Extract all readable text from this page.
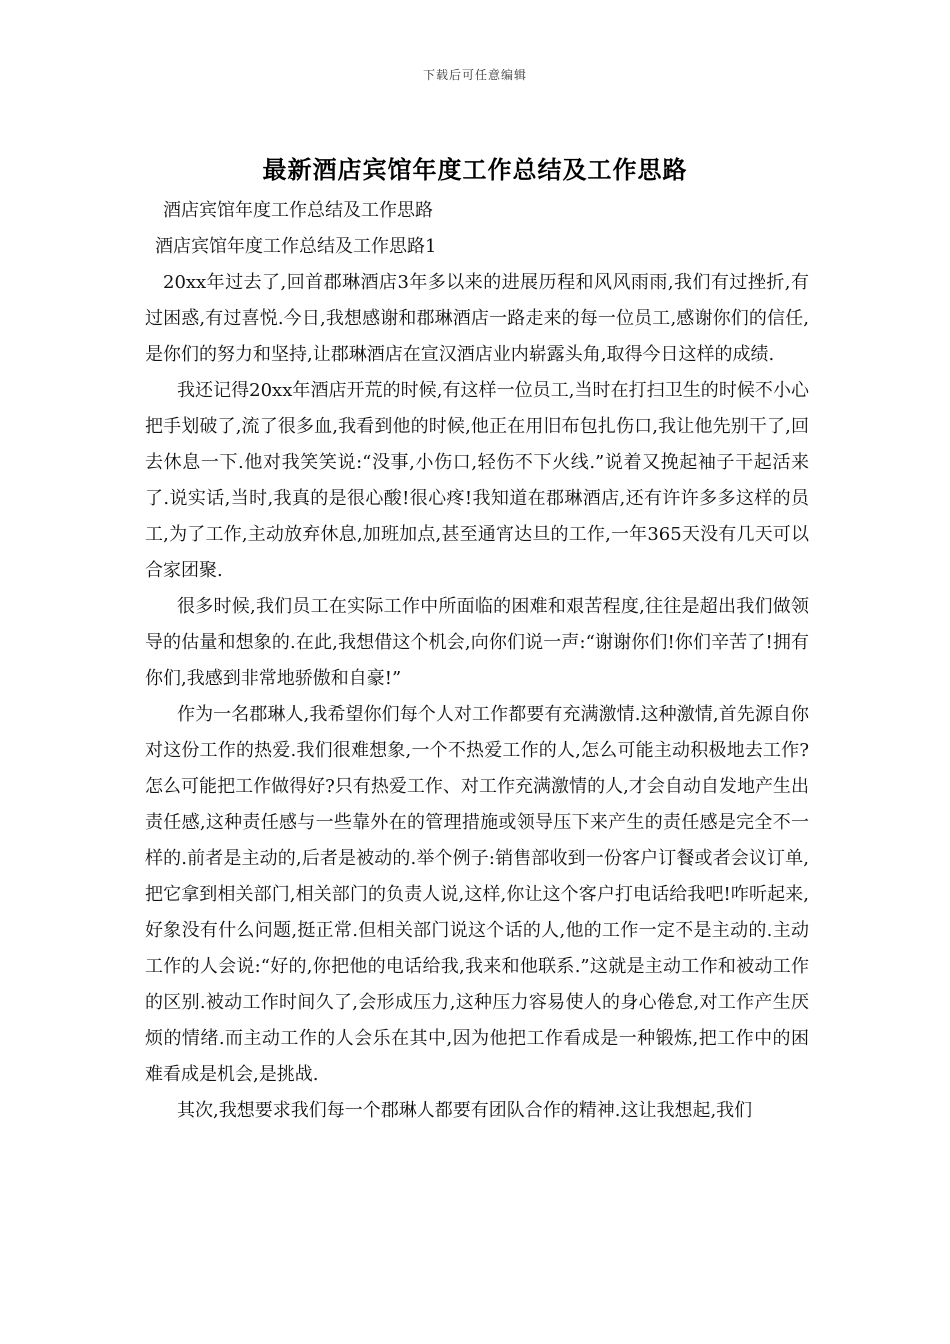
下载后可任意编辑
最新酒店宾馆年度工作总结及工作思路

酒店宾馆年度工作总结及工作思路

酒店宾馆年度工作总结及工作思路1

20xx年过去了,回首郡琳酒店3年多以来的进展历程和风风雨雨,我们有过挫折,有过困惑,有过喜悦.今日,我想感谢和郡琳酒店一路走来的每一位员工,感谢你们的信任,是你们的努力和坚持,让郡琳酒店在宣汉酒店业内崭露头角,取得今日这样的成绩.

我还记得20xx年酒店开荒的时候,有这样一位员工,当时在打扫卫生的时候不小心把手划破了,流了很多血,我看到他的时候,他正在用旧布包扎伤口,我让他先别干了,回去休息一下.他对我笑笑说:“没事,小伤口,轻伤不下火线.”说着又挽起袖子干起活来了.说实话,当时,我真的是很心酸!很心疼!我知道在郡琳酒店,还有许许多多这样的员工,为了工作,主动放弃休息,加班加点,甚至通宵达旦的工作,一年365天没有几天可以合家团聚.

很多时候,我们员工在实际工作中所面临的困难和艰苦程度,往往是超出我们做领导的估量和想象的.在此,我想借这个机会,向你们说一声:“谢谢你们!你们辛苦了!拥有你们,我感到非常地骄傲和自豪!”

作为一名郡琳人,我希望你们每个人对工作都要有充满激情.这种激情,首先源自你对这份工作的热爱.我们很难想象,一个不热爱工作的人,怎么可能主动积极地去工作?怎么可能把工作做得好?只有热爱工作、对工作充满激情的人,才会自动自发地产生出责任感,这种责任感与一些靠外在的管理措施或领导压下来产生的责任感是完全不一样的.前者是主动的,后者是被动的.举个例子:销售部收到一份客户订餐或者会议订单,把它拿到相关部门,相关部门的负责人说,这样,你让这个客户打电话给我吧!咋听起来,好象没有什么问题,挺正常.但相关部门说这个话的人,他的工作一定不是主动的.主动工作的人会说:“好的,你把他的电话给我,我来和他联系.”这就是主动工作和被动工作的区别.被动工作时间久了,会形成压力,这种压力容易使人的身心倦怠,对工作产生厌烦的情绪.而主动工作的人会乐在其中,因为他把工作看成是一种锻炼,把工作中的困难看成是机会,是挑战.

其次,我想要求我们每一个郡琳人都要有团队合作的精神.这让我想起,我们
